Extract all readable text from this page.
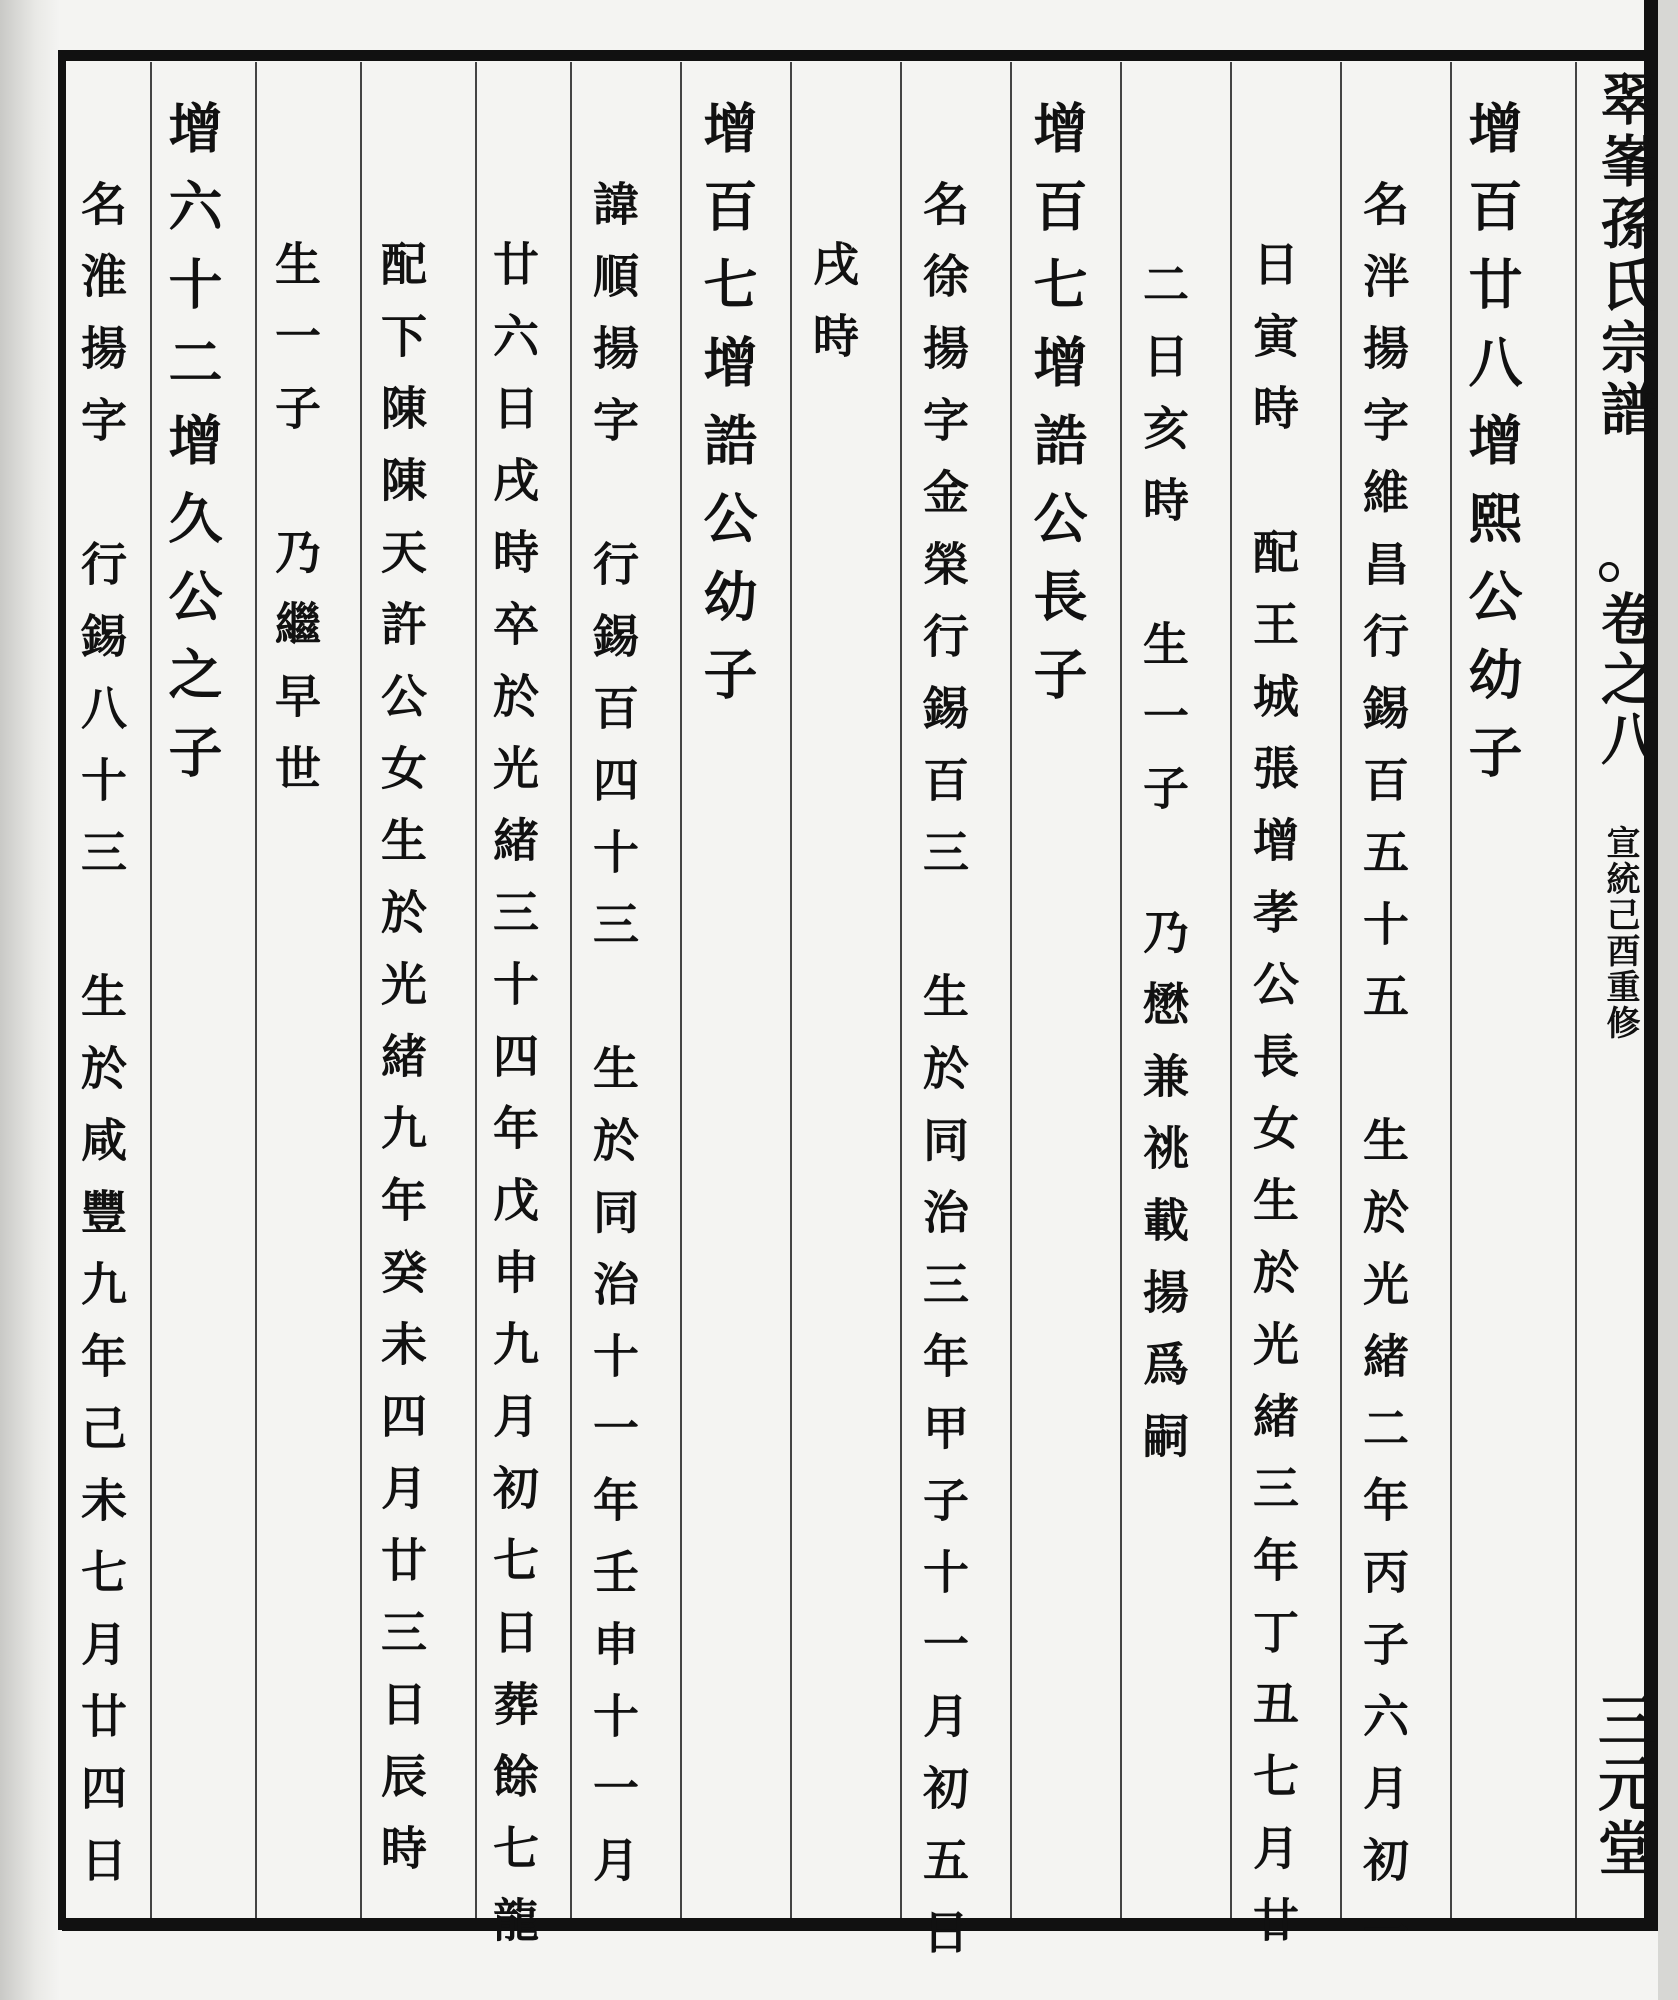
翠峯孫氏宗譜
卷之八
宣統己酉重修
三元堂
增百廿八增熙公幼子
名泮揚字維昌行錫百五十五　生於光緒二年丙子六月初一
日寅時　配王城張增孝公長女生於光緒三年丁丑七月廿
二日亥時　生一子　乃懋兼祧載揚爲嗣
增百七增誥公長子
名徐揚字金榮行錫百三　生於同治三年甲子十一月初五日
戌時
增百七增誥公幼子
諱順揚字　行錫百四十三　生於同治十一年壬申十一月
廿六日戌時卒於光緒三十四年戊申九月初七日葬餘七龍
配下陳陳天許公女生於光緒九年癸未四月廿三日辰時
生一子　乃繼早世
增六十二增久公之子
名淮揚字　行錫八十三　生於咸豐九年己未七月廿四日
